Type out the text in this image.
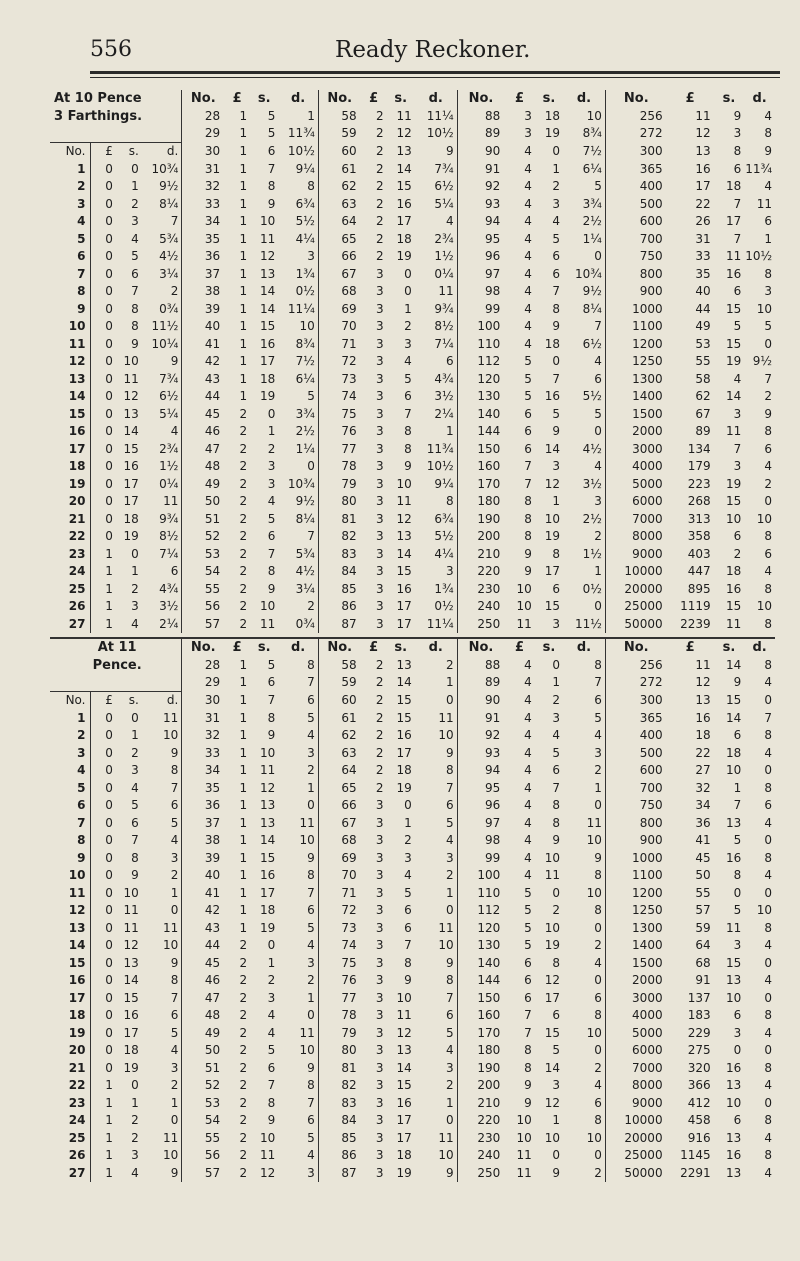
556	Ready Reckoner.
At 10 Pence				No.	£	s.	d.	No.	£	s.	d.	No.	£	s.	d.	No.	£	s.	d.
3 Farthings.				28	1	5	1	58	2	11	11¼	88	3	18	10	256	11	9	4
				29	1	5	11¾	59	2	12	10½	89	3	19	8¾	272	12	3	8
No.	£	s.	d.	30	1	6	10½	60	2	13	9	90	4	0	7½	300	13	8	9
1	0	0	10¾	31	1	7	9¼	61	2	14	7¾	91	4	1	6¼	365	16	6	11¾
2	0	1	9½	32	1	8	8	62	2	15	6½	92	4	2	5	400	17	18	4
3	0	2	8¼	33	1	9	6¾	63	2	16	5¼	93	4	3	3¾	500	22	7	11
4	0	3	7	34	1	10	5½	64	2	17	4	94	4	4	2½	600	26	17	6
5	0	4	5¾	35	1	11	4¼	65	2	18	2¾	95	4	5	1¼	700	31	7	1
6	0	5	4½	36	1	12	3	66	2	19	1½	96	4	6	0	750	33	11	10½
7	0	6	3¼	37	1	13	1¾	67	3	0	0¼	97	4	6	10¾	800	35	16	8
8	0	7	2	38	1	14	0½	68	3	0	11	98	4	7	9½	900	40	6	3
9	0	8	0¾	39	1	14	11¼	69	3	1	9¾	99	4	8	8¼	1000	44	15	10
10	0	8	11½	40	1	15	10	70	3	2	8½	100	4	9	7	1100	49	5	5
11	0	9	10¼	41	1	16	8¾	71	3	3	7¼	110	4	18	6½	1200	53	15	0
12	0	10	9	42	1	17	7½	72	3	4	6	112	5	0	4	1250	55	19	9½
13	0	11	7¾	43	1	18	6¼	73	3	5	4¾	120	5	7	6	1300	58	4	7
14	0	12	6½	44	1	19	5	74	3	6	3½	130	5	16	5½	1400	62	14	2
15	0	13	5¼	45	2	0	3¾	75	3	7	2¼	140	6	5	5	1500	67	3	9
16	0	14	4	46	2	1	2½	76	3	8	1	144	6	9	0	2000	89	11	8
17	0	15	2¾	47	2	2	1¼	77	3	8	11¾	150	6	14	4½	3000	134	7	6
18	0	16	1½	48	2	3	0	78	3	9	10½	160	7	3	4	4000	179	3	4
19	0	17	0¼	49	2	3	10¾	79	3	10	9¼	170	7	12	3½	5000	223	19	2
20	0	17	11	50	2	4	9½	80	3	11	8	180	8	1	3	6000	268	15	0
21	0	18	9¾	51	2	5	8¼	81	3	12	6¾	190	8	10	2½	7000	313	10	10
22	0	19	8½	52	2	6	7	82	3	13	5½	200	8	19	2	8000	358	6	8
23	1	0	7¼	53	2	7	5¾	83	3	14	4¼	210	9	8	1½	9000	403	2	6
24	1	1	6	54	2	8	4½	84	3	15	3	220	9	17	1	10000	447	18	4
25	1	2	4¾	55	2	9	3¼	85	3	16	1¾	230	10	6	0½	20000	895	16	8
26	1	3	3½	56	2	10	2	86	3	17	0½	240	10	15	0	25000	1119	15	10
27	1	4	2¼	57	2	11	0¾	87	3	17	11¼	250	11	3	11½	50000	2239	11	8
At 11				No.	£	s.	d.	No.	£	s.	d.	No.	£	s.	d.	No.	£	s.	d.
Pence.				28	1	5	8	58	2	13	2	88	4	0	8	256	11	14	8
				29	1	6	7	59	2	14	1	89	4	1	7	272	12	9	4
No.	£	s.	d.	30	1	7	6	60	2	15	0	90	4	2	6	300	13	15	0
1	0	0	11	31	1	8	5	61	2	15	11	91	4	3	5	365	16	14	7
2	0	1	10	32	1	9	4	62	2	16	10	92	4	4	4	400	18	6	8
3	0	2	9	33	1	10	3	63	2	17	9	93	4	5	3	500	22	18	4
4	0	3	8	34	1	11	2	64	2	18	8	94	4	6	2	600	27	10	0
5	0	4	7	35	1	12	1	65	2	19	7	95	4	7	1	700	32	1	8
6	0	5	6	36	1	13	0	66	3	0	6	96	4	8	0	750	34	7	6
7	0	6	5	37	1	13	11	67	3	1	5	97	4	8	11	800	36	13	4
8	0	7	4	38	1	14	10	68	3	2	4	98	4	9	10	900	41	5	0
9	0	8	3	39	1	15	9	69	3	3	3	99	4	10	9	1000	45	16	8
10	0	9	2	40	1	16	8	70	3	4	2	100	4	11	8	1100	50	8	4
11	0	10	1	41	1	17	7	71	3	5	1	110	5	0	10	1200	55	0	0
12	0	11	0	42	1	18	6	72	3	6	0	112	5	2	8	1250	57	5	10
13	0	11	11	43	1	19	5	73	3	6	11	120	5	10	0	1300	59	11	8
14	0	12	10	44	2	0	4	74	3	7	10	130	5	19	2	1400	64	3	4
15	0	13	9	45	2	1	3	75	3	8	9	140	6	8	4	1500	68	15	0
16	0	14	8	46	2	2	2	76	3	9	8	144	6	12	0	2000	91	13	4
17	0	15	7	47	2	3	1	77	3	10	7	150	6	17	6	3000	137	10	0
18	0	16	6	48	2	4	0	78	3	11	6	160	7	6	8	4000	183	6	8
19	0	17	5	49	2	4	11	79	3	12	5	170	7	15	10	5000	229	3	4
20	0	18	4	50	2	5	10	80	3	13	4	180	8	5	0	6000	275	0	0
21	0	19	3	51	2	6	9	81	3	14	3	190	8	14	2	7000	320	16	8
22	1	0	2	52	2	7	8	82	3	15	2	200	9	3	4	8000	366	13	4
23	1	1	1	53	2	8	7	83	3	16	1	210	9	12	6	9000	412	10	0
24	1	2	0	54	2	9	6	84	3	17	0	220	10	1	8	10000	458	6	8
25	1	2	11	55	2	10	5	85	3	17	11	230	10	10	10	20000	916	13	4
26	1	3	10	56	2	11	4	86	3	18	10	240	11	0	0	25000	1145	16	8
27	1	4	9	57	2	12	3	87	3	19	9	250	11	9	2	50000	2291	13	4
